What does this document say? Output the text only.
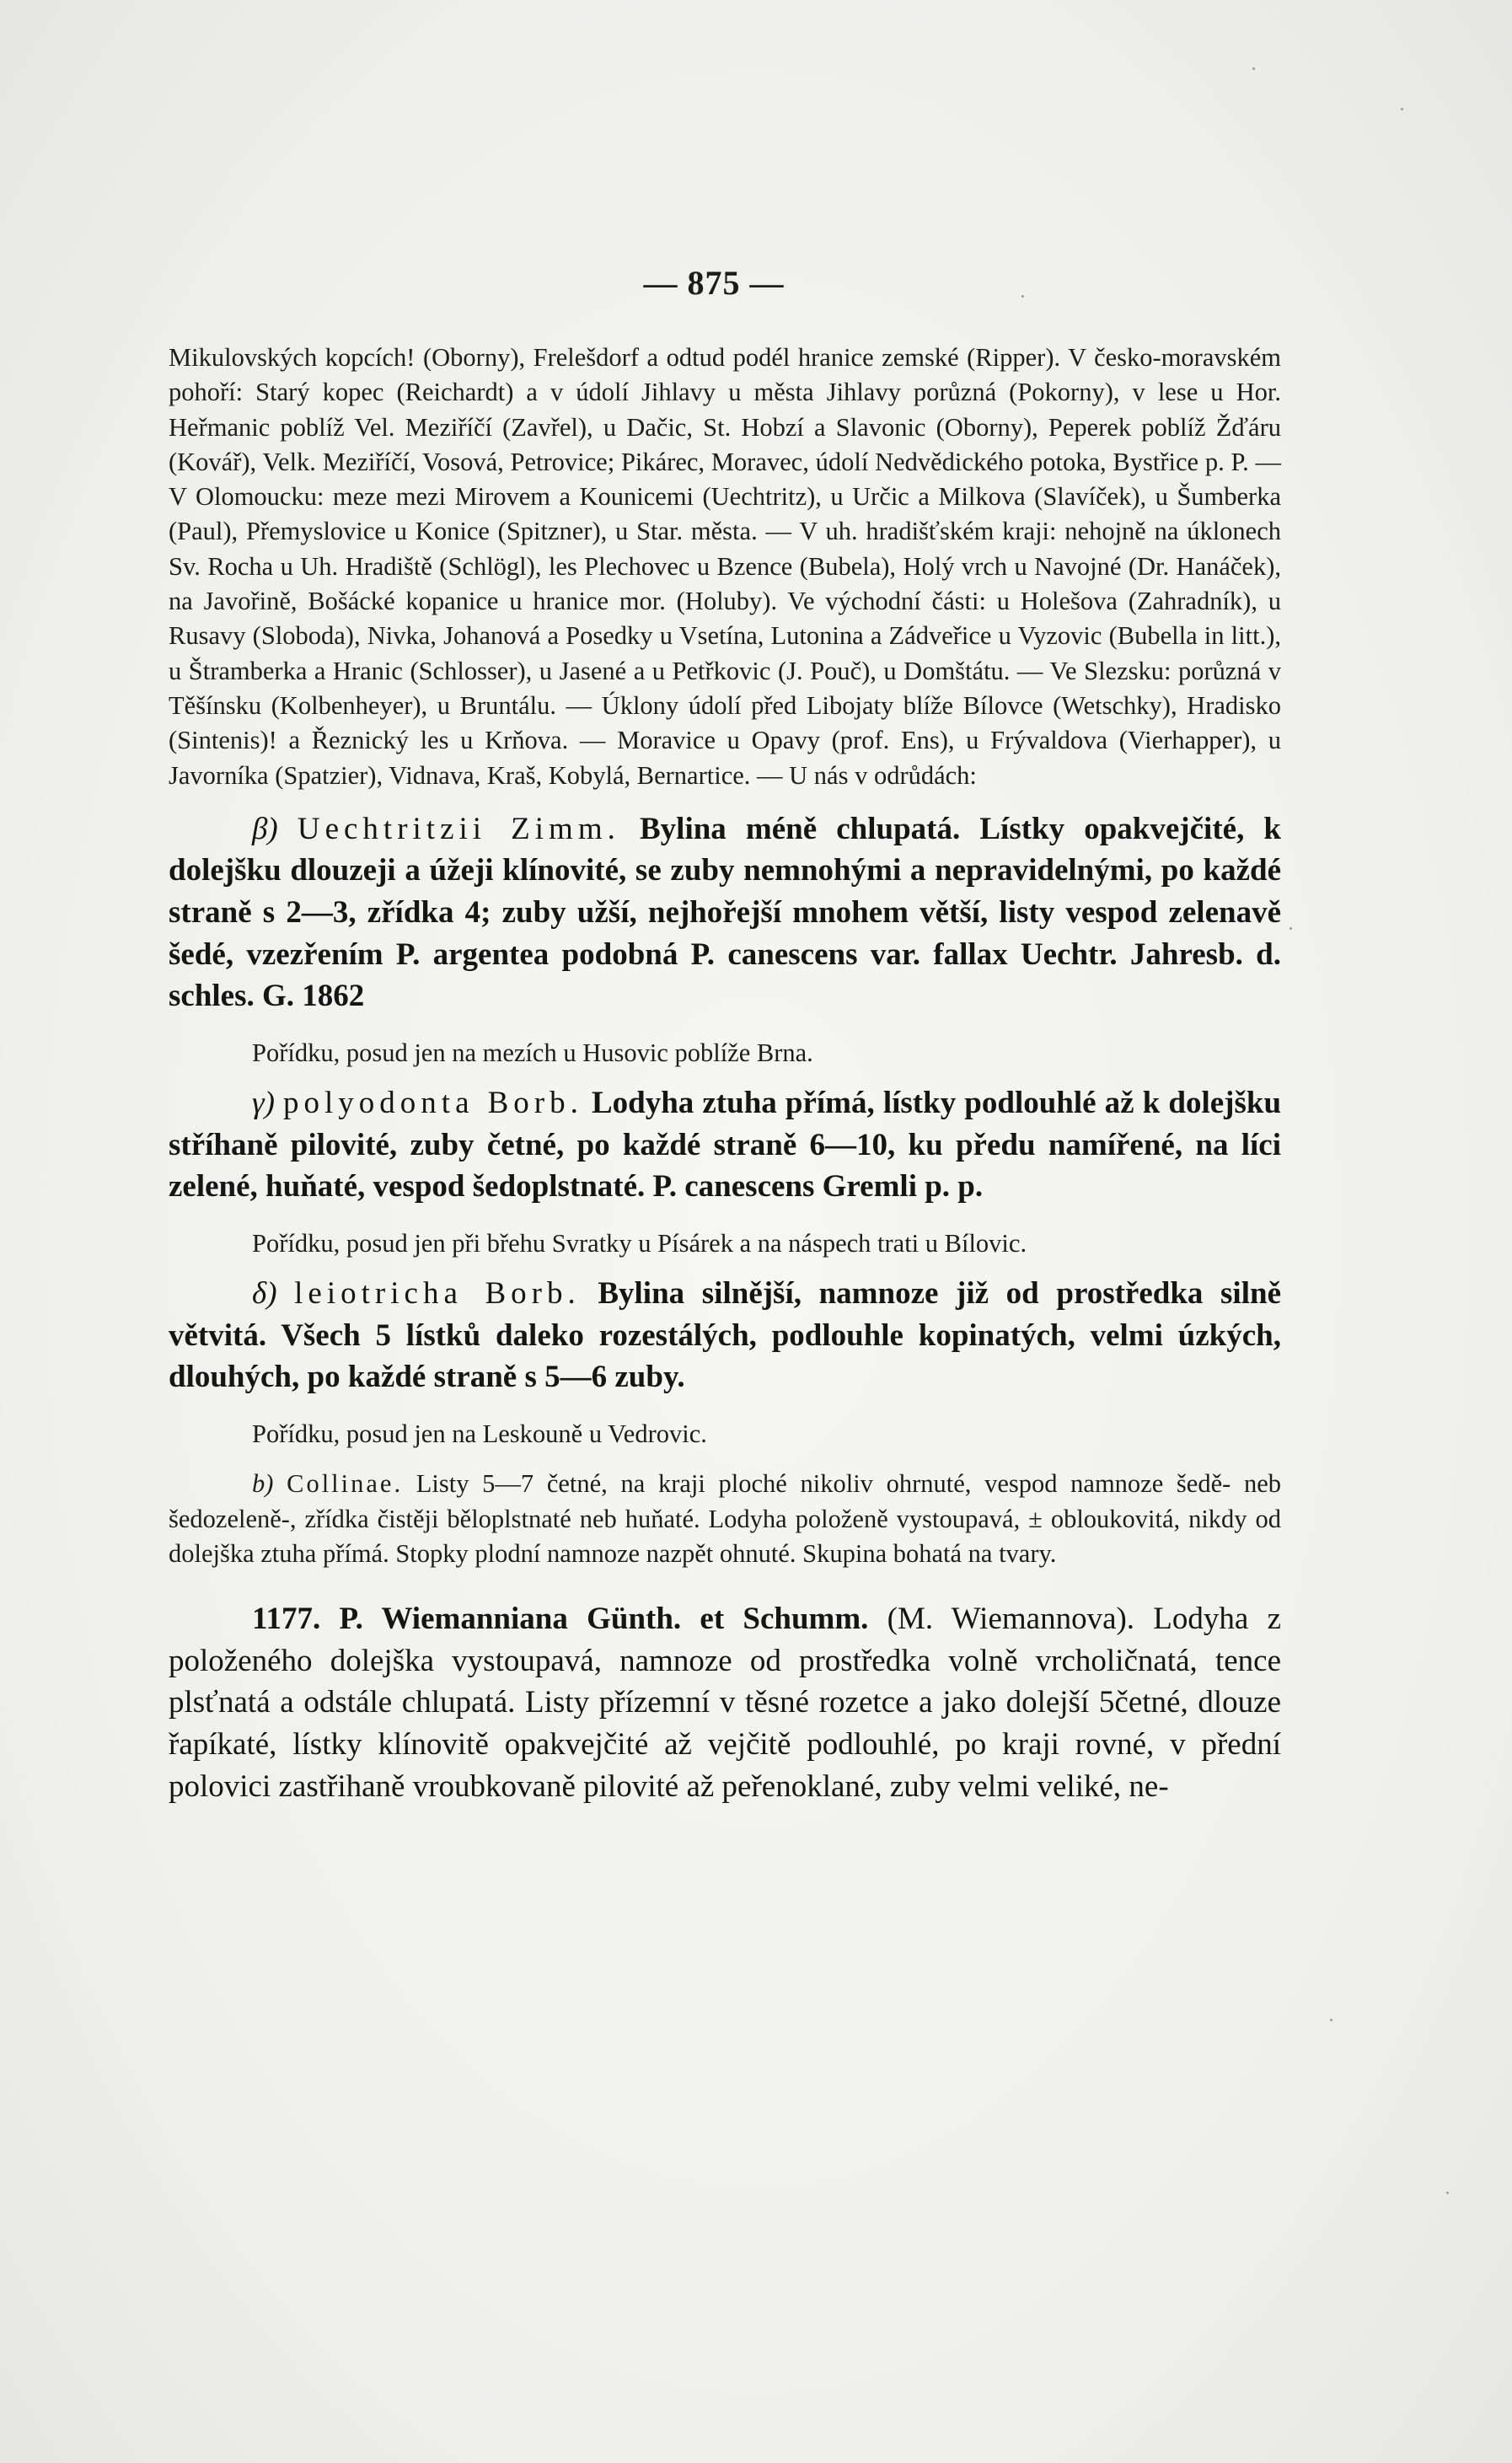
— 875 —

Mikulovských kopcích! (Oborny), Frelešdorf a odtud podél hranice zemské (Ripper). V česko-moravském pohoří: Starý kopec (Reichardt) a v údolí Jihlavy u města Jihlavy porůzná (Pokorny), v lese u Hor. Heřmanic poblíž Vel. Meziříčí (Zavřel), u Dačic, St. Hobzí a Slavonic (Oborny), Peperek poblíž Žďáru (Kovář), Velk. Meziříčí, Vosová, Petrovice; Pikárec, Moravec, údolí Nedvědického potoka, Bystřice p. P. — V Olomoucku: meze mezi Mirovem a Kounicemi (Uechtritz), u Určic a Milkova (Slavíček), u Šumberka (Paul), Přemyslovice u Konice (Spitzner), u Star. města. — V uh. hradišťském kraji: nehojně na úklonech Sv. Rocha u Uh. Hradiště (Schlögl), les Plechovec u Bzence (Bubela), Holý vrch u Navojné (Dr. Hanáček), na Javořině, Bošácké kopanice u hranice mor. (Holuby). Ve východní části: u Holešova (Zahradník), u Rusavy (Sloboda), Nivka, Johanová a Posedky u Vsetína, Lutonina a Zádveřice u Vyzovic (Bubella in litt.), u Štramberka a Hranic (Schlosser), u Jasené a u Petřkovic (J. Pouč), u Domštátu. — Ve Slezsku: porůzná v Těšínsku (Kolbenheyer), u Bruntálu. — Úklony údolí před Libojaty blíže Bílovce (Wetschky), Hradisko (Sintenis)! a Řeznický les u Krňova. — Moravice u Opavy (prof. Ens), u Frývaldova (Vierhapper), u Javorníka (Spatzier), Vidnava, Kraš, Kobylá, Bernartice. — U nás v odrůdách:

β) Uechtritzii Zimm. Bylina méně chlupatá. Lístky opakvejčité, k dolejšku dlouzeji a úžeji klínovité, se zuby nemnohými a nepravidelnými, po každé straně s 2—3, zřídka 4; zuby užší, nejhořejší mnohem větší, listy vespod zelenavě šedé, vzezřením P. argentea podobná P. canescens var. fallax Uechtr. Jahresb. d. schles. G. 1862

Pořídku, posud jen na mezích u Husovic poblíže Brna.

γ) polyodonta Borb. Lodyha ztuha přímá, lístky podlouhlé až k dolejšku stříhaně pilovité, zuby četné, po každé straně 6—10, ku předu namířené, na líci zelené, huňaté, vespod šedoplstnaté. P. canescens Gremli p. p.

Pořídku, posud jen při břehu Svratky u Písárek a na náspech trati u Bílovic.

δ) leiotricha Borb. Bylina silnější, namnoze již od prostředka silně větvitá. Všech 5 lístků daleko rozestálých, podlouhle kopinatých, velmi úzkých, dlouhých, po každé straně s 5—6 zuby.

Pořídku, posud jen na Leskouně u Vedrovic.

b) Collinae. Listy 5—7 četné, na kraji ploché nikoliv ohrnuté, vespod namnoze šedě- neb šedozeleně-, zřídka čistěji běloplstnaté neb huňaté. Lodyha položeně vystoupavá, ± obloukovitá, nikdy od dolejška ztuha přímá. Stopky plodní namnoze nazpět ohnuté. Skupina bohatá na tvary.

1177. P. Wiemanniana Günth. et Schumm. (M. Wiemannova). Lodyha z položeného dolejška vystoupavá, namnoze od prostředka volně vrcholičnatá, tence plsťnatá a odstále chlupatá. Listy přízemní v těsné rozetce a jako dolejší 5četné, dlouze řapíkaté, lístky klínovitě opakvejčité až vejčitě podlouhlé, po kraji rovné, v přední polovici zastřihaně vroubkovaně pilovité až peřenoklané, zuby velmi veliké, ne-
